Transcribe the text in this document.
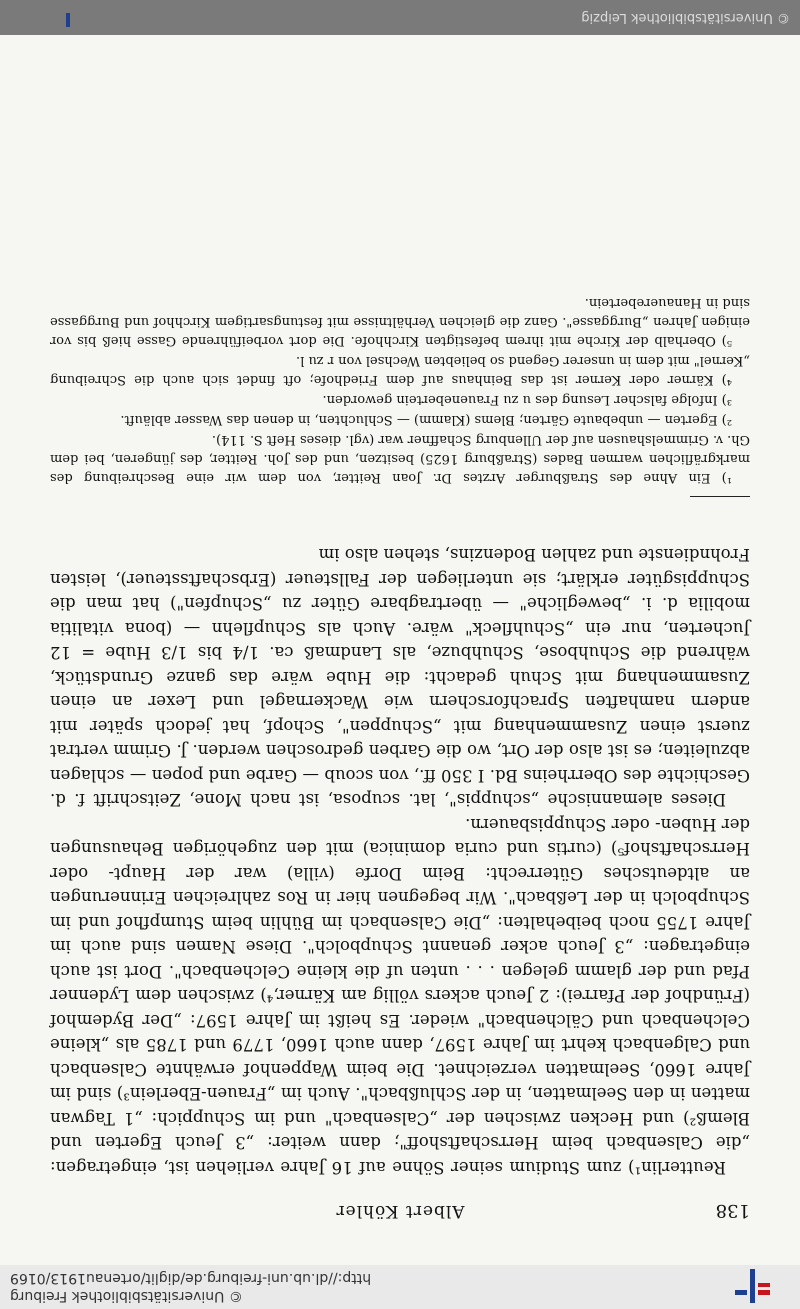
© Universitätsbibliothek Freiburg
http://dl.ub.uni-freiburg.de/diglit/ortenau1913/0169
138
Albert Köhler

Reutterlin¹) zum Studium seiner Söhne auf 16 Jahre verliehen ist, eingetragen: „die Calsenbach beim Herrschaftshoff"; dann weiter: „3 Jeuch Egerten und Blemß²) und Hecken zwischen der „Calsenbach" und im Schuppich: „1 Tagwan matten in den Seelmatten, in der Schlußbach". Auch im „Frauen-Eberlein³) sind im Jahre 1660, Seelmatten verzeichnet. Die beim Wappenhof erwähnte Calsenbach und Calgenbach kehrt im Jahre 1597, dann auch 1660, 1779 und 1785 als „kleine Celchenbach und Cälchenbach" wieder. Es heißt im Jahre 1597: „Der Bydemhof (Fründhof der Pfarrei): 2 Jeuch ackers völlig am Kärner,⁴) zwischen dem Lydenner Pfad und der glamm gelegen . . . unten uf die kleine Celchenbach". Dort ist auch eingetragen: „3 Jeuch acker genannt Schupbolch". Diese Namen sind auch im Jahre 1755 noch beibehalten: „Die Calsenbach im Bühlin beim Stumpfhof und im Schupbolch in der Leßbach". Wir begegnen hier in Ros zahlreichen Erinnerungen an altdeutsches Güterrecht: Beim Dorfe (villa) war der Haupt- oder Herrschaftshof⁵) (curtis und curia dominica) mit den zugehörigen Behausungen der Huben- oder Schuppisbauern.

Dieses alemannische „schuppis", lat. scuposa, ist nach Mone, Zeitschrift f. d. Geschichte des Oberrheins Bd. I 350 ff., von scoub — Garbe und popen — schlagen abzuleiten; es ist also der Ort, wo die Garben gedroschen werden. J. Grimm vertrat zuerst einen Zusammenhang mit „Schuppen", Schopf, hat jedoch später mit andern namhaften Sprachforschern wie Wackernagel und Lexer an einen Zusammenhang mit Schuh gedacht: die Hube wäre das ganze Grundstück, während die Schuhbose, Schuhbuze, als Landmaß ca. 1/4 bis 1/3 Hube = 12 Jucherten, nur ein „Schuhfleck" wäre. Auch als Schupflehn — (bona vitalitia mobilia d. i. „bewegliche" — übertragbare Güter zu „Schupfen") hat man die Schuppisgüter erklärt; sie unterliegen der Fallsteuer (Erbschaftssteuer), leisten Frohndienste und zahlen Bodenzins, stehen also im

¹) Ein Ahne des Straßburger Arztes Dr. Joan Reitter, von dem wir eine Beschreibung des markgräflichen warmen Bades (Straßburg 1625) besitzen, und des Joh. Reitter, des jüngeren, bei dem Gh. v. Grimmelshausen auf der Ullenburg Schaffner war (vgl. dieses Heft S. 114).

²) Egerten — unbebaute Gärten; Blems (Klamm) — Schluchten, in denen das Wasser abläuft.

³) Infolge falscher Lesung des u zu Frauenebertein geworden.

⁴) Kärner oder Kerner ist das Beinhaus auf dem Friedhofe; oft findet sich auch die Schreibung „Kernel" mit dem in unserer Gegend so beliebten Wechsel von r zu l.

⁵) Oberhalb der Kirche mit ihrem befestigten Kirchhofe. Die dort vorbeiführende Gasse hieß bis vor einigen Jahren „Burggasse". Ganz die gleichen Verhältnisse mit festungsartigem Kirchhof und Burggasse sind in Hanauerebertein.

© Universitätsbibliothek Leipzig
